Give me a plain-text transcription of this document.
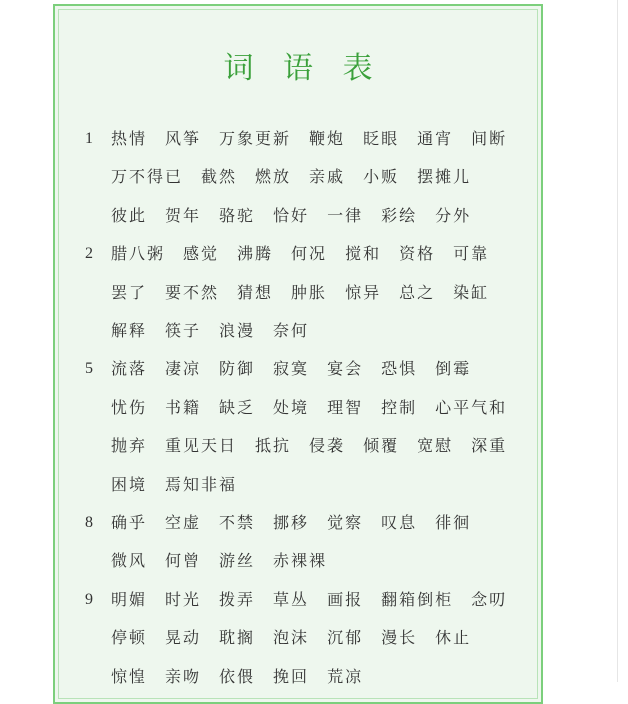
词 语 表
1	热情 风筝 万象更新 鞭炮 眨眼 通宵 间断万不得已 截然 燃放 亲戚 小贩 摆摊儿彼此 贺年 骆驼 恰好 一律 彩绘 分外
2	腊八粥 感觉 沸腾 何况 搅和 资格 可靠罢了 要不然 猜想 肿胀 惊异 总之 染缸解释 筷子 浪漫 奈何
5	流落 凄凉 防御 寂寞 宴会 恐惧 倒霉忧伤 书籍 缺乏 处境 理智 控制 心平气和抛弃 重见天日 抵抗 侵袭 倾覆 宽慰 深重困境 焉知非福
8	确乎 空虚 不禁 挪移 觉察 叹息 徘徊微风 何曾 游丝 赤裸裸
9	明媚 时光 拨弄 草丛 画报 翻箱倒柜 念叨停顿 晃动 耽搁 泡沫 沉郁 漫长 休止惊惶 亲吻 依偎 挽回 荒凉
